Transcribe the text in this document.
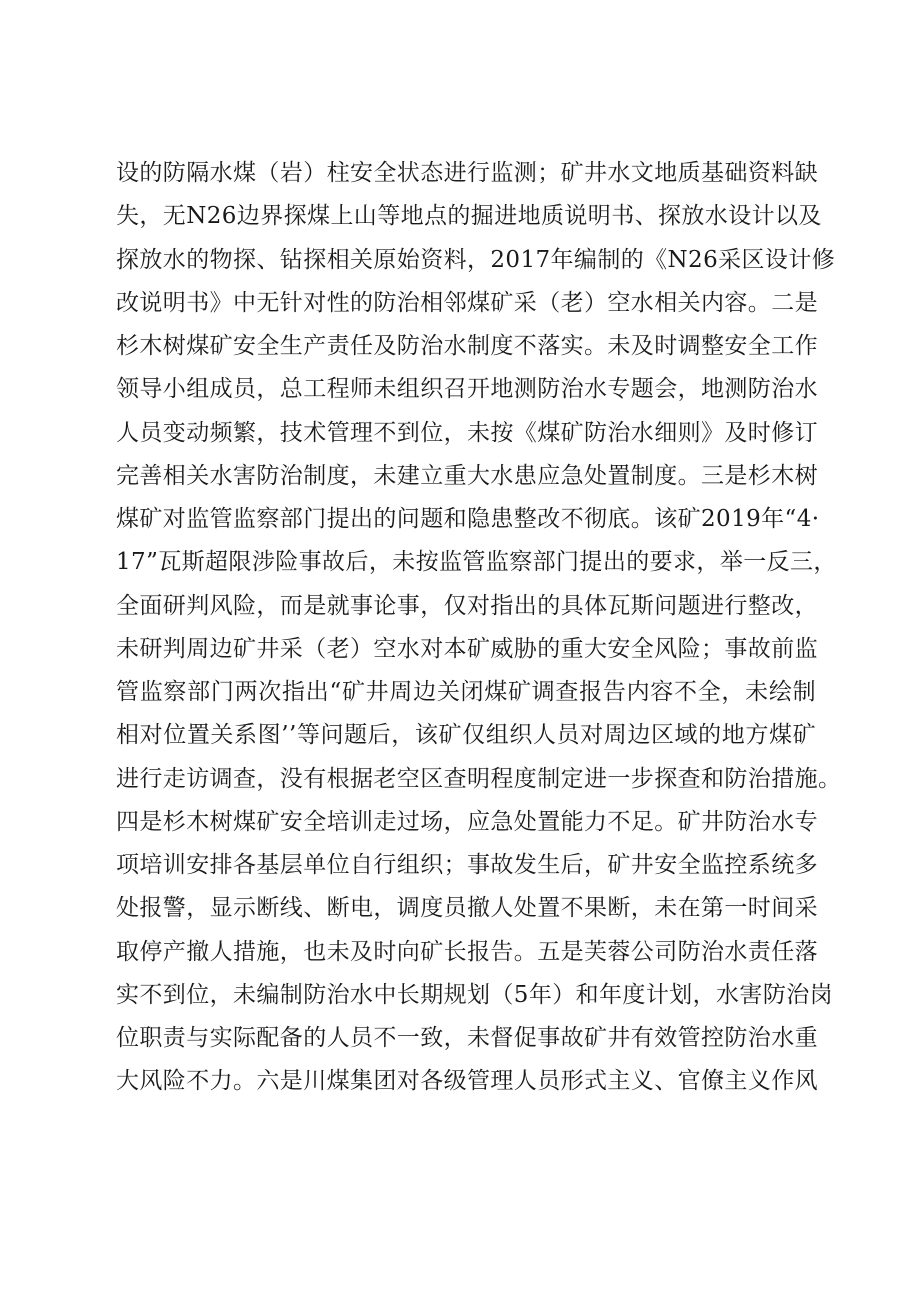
设的防隔水煤（岩）柱安全状态进行监测；矿井水文地质基础资料缺
失，无N26边界探煤上山等地点的掘进地质说明书、探放水设计以及
探放水的物探、钻探相关原始资料，2017年编制的《N26采区设计修
改说明书》中无针对性的防治相邻煤矿采（老）空水相关内容。二是
杉木树煤矿安全生产责任及防治水制度不落实。未及时调整安全工作
领导小组成员，总工程师未组织召开地测防治水专题会，地测防治水
人员变动频繁，技术管理不到位，未按《煤矿防治水细则》及时修订
完善相关水害防治制度，未建立重大水患应急处置制度。三是杉木树
煤矿对监管监察部门提出的问题和隐患整改不彻底。该矿2019年“4·
17”瓦斯超限涉险事故后，未按监管监察部门提出的要求，举一反三，
全面研判风险，而是就事论事，仅对指出的具体瓦斯问题进行整改，
未研判周边矿井采（老）空水对本矿威胁的重大安全风险；事故前监
管监察部门两次指出“矿井周边关闭煤矿调查报告内容不全，未绘制
相对位置关系图’’等问题后，该矿仅组织人员对周边区域的地方煤矿
进行走访调查，没有根据老空区查明程度制定进一步探查和防治措施。
四是杉木树煤矿安全培训走过场，应急处置能力不足。矿井防治水专
项培训安排各基层单位自行组织；事故发生后，矿井安全监控系统多
处报警，显示断线、断电，调度员撤人处置不果断，未在第一时间采
取停产撤人措施，也未及时向矿长报告。五是芙蓉公司防治水责任落
实不到位，未编制防治水中长期规划（5年）和年度计划，水害防治岗
位职责与实际配备的人员不一致，未督促事故矿井有效管控防治水重
大风险不力。六是川煤集团对各级管理人员形式主义、官僚主义作风
